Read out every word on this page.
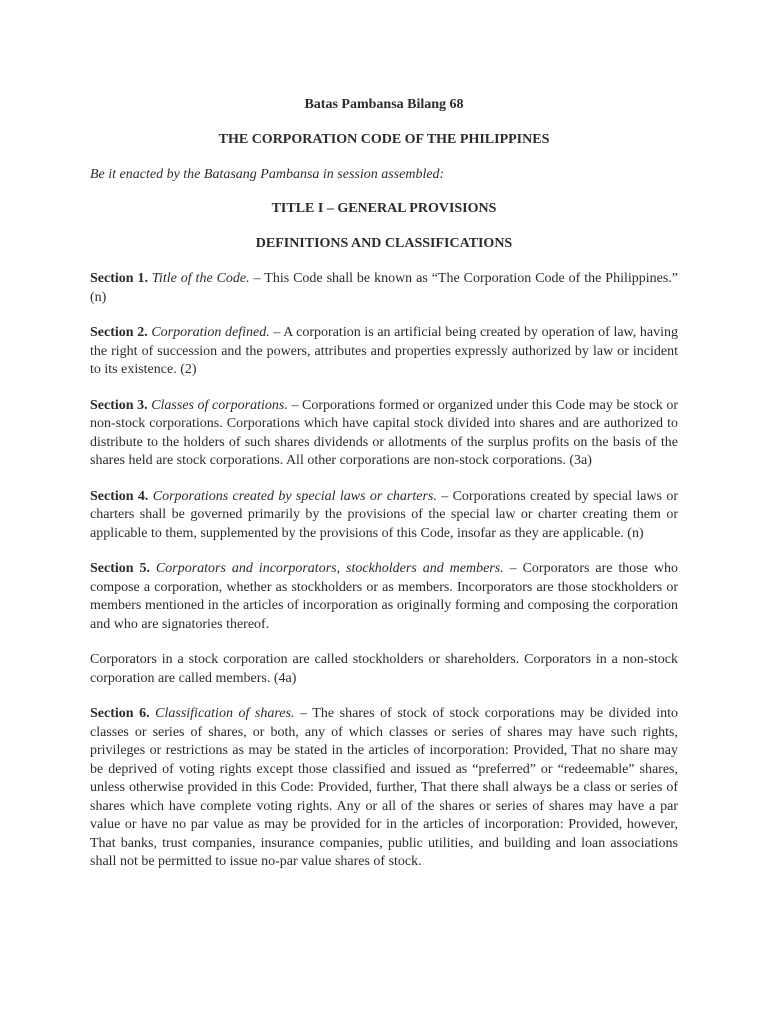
Batas Pambansa Bilang 68
THE CORPORATION CODE OF THE PHILIPPINES
Be it enacted by the Batasang Pambansa in session assembled:
TITLE I – GENERAL PROVISIONS
DEFINITIONS AND CLASSIFICATIONS

Section 1. Title of the Code. – This Code shall be known as “The Corporation Code of the Philippines.” (n)

Section 2. Corporation defined. – A corporation is an artificial being created by operation of law, having the right of succession and the powers, attributes and properties expressly authorized by law or incident to its existence. (2)

Section 3. Classes of corporations. – Corporations formed or organized under this Code may be stock or non-stock corporations. Corporations which have capital stock divided into shares and are authorized to distribute to the holders of such shares dividends or allotments of the surplus profits on the basis of the shares held are stock corporations. All other corporations are non-stock corporations. (3a)

Section 4. Corporations created by special laws or charters. – Corporations created by special laws or charters shall be governed primarily by the provisions of the special law or charter creating them or applicable to them, supplemented by the provisions of this Code, insofar as they are applicable. (n)

Section 5. Corporators and incorporators, stockholders and members. – Corporators are those who compose a corporation, whether as stockholders or as members. Incorporators are those stockholders or members mentioned in the articles of incorporation as originally forming and composing the corporation and who are signatories thereof.

Corporators in a stock corporation are called stockholders or shareholders. Corporators in a non-stock corporation are called members. (4a)

Section 6. Classification of shares. – The shares of stock of stock corporations may be divided into classes or series of shares, or both, any of which classes or series of shares may have such rights, privileges or restrictions as may be stated in the articles of incorporation: Provided, That no share may be deprived of voting rights except those classified and issued as “preferred” or “redeemable” shares, unless otherwise provided in this Code: Provided, further, That there shall always be a class or series of shares which have complete voting rights. Any or all of the shares or series of shares may have a par value or have no par value as may be provided for in the articles of incorporation: Provided, however, That banks, trust companies, insurance companies, public utilities, and building and loan associations shall not be permitted to issue no-par value shares of stock.
